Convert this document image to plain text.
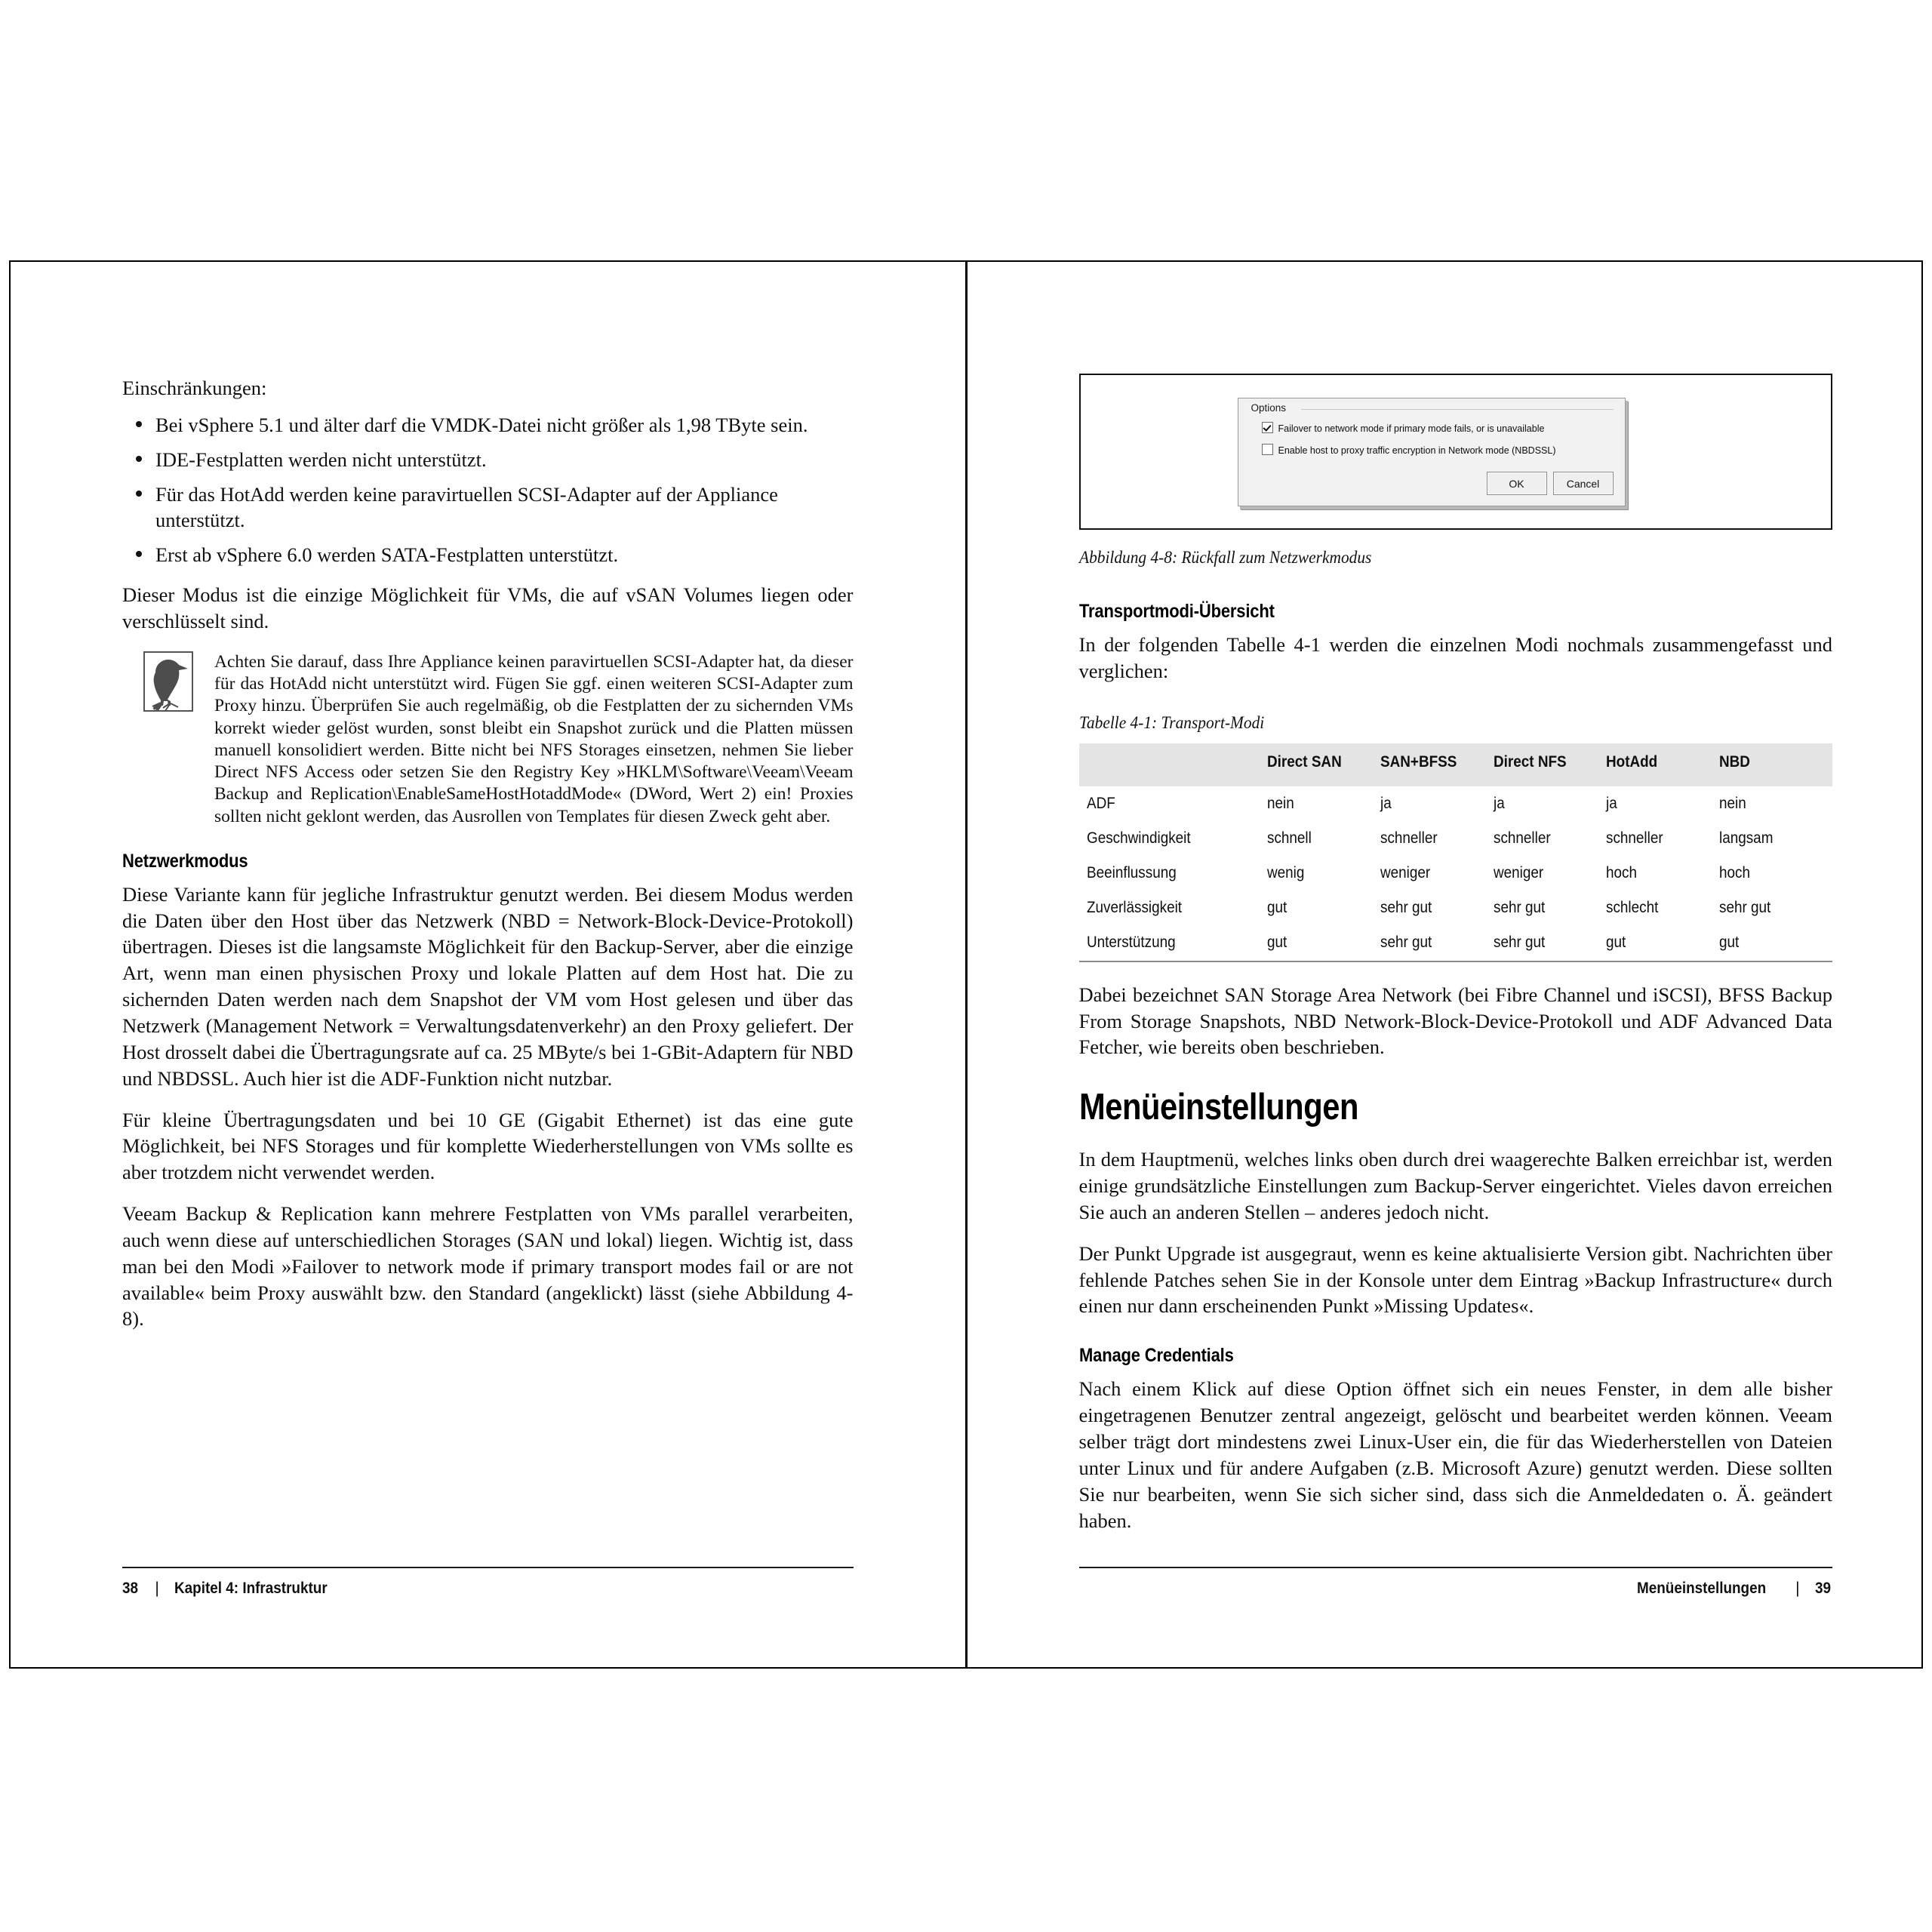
Einschränkungen:

Bei vSphere 5.1 und älter darf die VMDK-Datei nicht größer als 1,98 TByte sein.
IDE-Festplatten werden nicht unterstützt.
Für das HotAdd werden keine paravirtuellen SCSI-Adapter auf der Appliance unterstützt.
Erst ab vSphere 6.0 werden SATA-Festplatten unterstützt.

Dieser Modus ist die einzige Möglichkeit für VMs, die auf vSAN Volumes liegen oder verschlüsselt sind.

Achten Sie darauf, dass Ihre Appliance keinen paravirtuellen SCSI-Adapter hat, da dieser für das HotAdd nicht unterstützt wird. Fügen Sie ggf. einen weiteren SCSI-Adapter zum Proxy hinzu. Überprüfen Sie auch regelmäßig, ob die Festplatten der zu sichernden VMs korrekt wieder gelöst wurden, sonst bleibt ein Snapshot zurück und die Platten müssen manuell konsolidiert werden. Bitte nicht bei NFS Storages einsetzen, nehmen Sie lieber Direct NFS Access oder setzen Sie den Registry Key »HKLM\Software\Veeam\Veeam Backup and Replication\EnableSameHostHotaddMode« (DWord, Wert 2) ein! Proxies sollten nicht geklont werden, das Ausrollen von Templates für diesen Zweck geht aber.
Netzwerkmodus

Diese Variante kann für jegliche Infrastruktur genutzt werden. Bei diesem Modus werden die Daten über den Host über das Netzwerk (NBD = Network-Block-Device-Protokoll) übertragen. Dieses ist die langsamste Möglichkeit für den Backup-Server, aber die einzige Art, wenn man einen physischen Proxy und lokale Platten auf dem Host hat. Die zu sichernden Daten werden nach dem Snapshot der VM vom Host gelesen und über das Netzwerk (Management Network = Verwaltungsdatenverkehr) an den Proxy geliefert. Der Host drosselt dabei die Übertragungsrate auf ca. 25 MByte/s bei 1-GBit-Adaptern für NBD und NBDSSL. Auch hier ist die ADF-Funktion nicht nutzbar.

Für kleine Übertragungsdaten und bei 10 GE (Gigabit Ethernet) ist das eine gute Möglichkeit, bei NFS Storages und für komplette Wiederherstellungen von VMs sollte es aber trotzdem nicht verwendet werden.

Veeam Backup & Replication kann mehrere Festplatten von VMs parallel verarbeiten, auch wenn diese auf unterschiedlichen Storages (SAN und lokal) liegen. Wichtig ist, dass man bei den Modi »Failover to network mode if primary transport modes fail or are not available« beim Proxy auswählt bzw. den Standard (angeklickt) lässt (siehe Abbildung 4-8).

38 | Kapitel 4: Infrastruktur
Options
Failover to network mode if primary mode fails, or is unavailable
Enable host to proxy traffic encryption in Network mode (NBDSSL)
OK	Cancel

Abbildung 4-8: Rückfall zum Netzwerkmodus

Transportmodi-Übersicht

In der folgenden Tabelle 4-1 werden die einzelnen Modi nochmals zusammengefasst und verglichen:

Tabelle 4-1: Transport-Modi

	Direct SAN	SAN+BFSS	Direct NFS	HotAdd	NBD
ADF	nein	ja	ja	ja	nein
Geschwindigkeit	schnell	schneller	schneller	schneller	langsam
Beeinflussung	wenig	weniger	weniger	hoch	hoch
Zuverlässigkeit	gut	sehr gut	sehr gut	schlecht	sehr gut
Unterstützung	gut	sehr gut	sehr gut	gut	gut

Dabei bezeichnet SAN Storage Area Network (bei Fibre Channel und iSCSI), BFSS Backup From Storage Snapshots, NBD Network-Block-Device-Protokoll und ADF Advanced Data Fetcher, wie bereits oben beschrieben.

Menüeinstellungen

In dem Hauptmenü, welches links oben durch drei waagerechte Balken erreichbar ist, werden einige grundsätzliche Einstellungen zum Backup-Server eingerichtet. Vieles davon erreichen Sie auch an anderen Stellen – anderes jedoch nicht.

Der Punkt Upgrade ist ausgegraut, wenn es keine aktualisierte Version gibt. Nachrichten über fehlende Patches sehen Sie in der Konsole unter dem Eintrag »Backup Infrastructure« durch einen nur dann erscheinenden Punkt »Missing Updates«.

Manage Credentials

Nach einem Klick auf diese Option öffnet sich ein neues Fenster, in dem alle bisher eingetragenen Benutzer zentral angezeigt, gelöscht und bearbeitet werden können. Veeam selber trägt dort mindestens zwei Linux-User ein, die für das Wiederherstellen von Dateien unter Linux und für andere Aufgaben (z.B. Microsoft Azure) genutzt werden. Diese sollten Sie nur bearbeiten, wenn Sie sich sicher sind, dass sich die Anmeldedaten o. Ä. geändert haben.

Menüeinstellungen | 39
